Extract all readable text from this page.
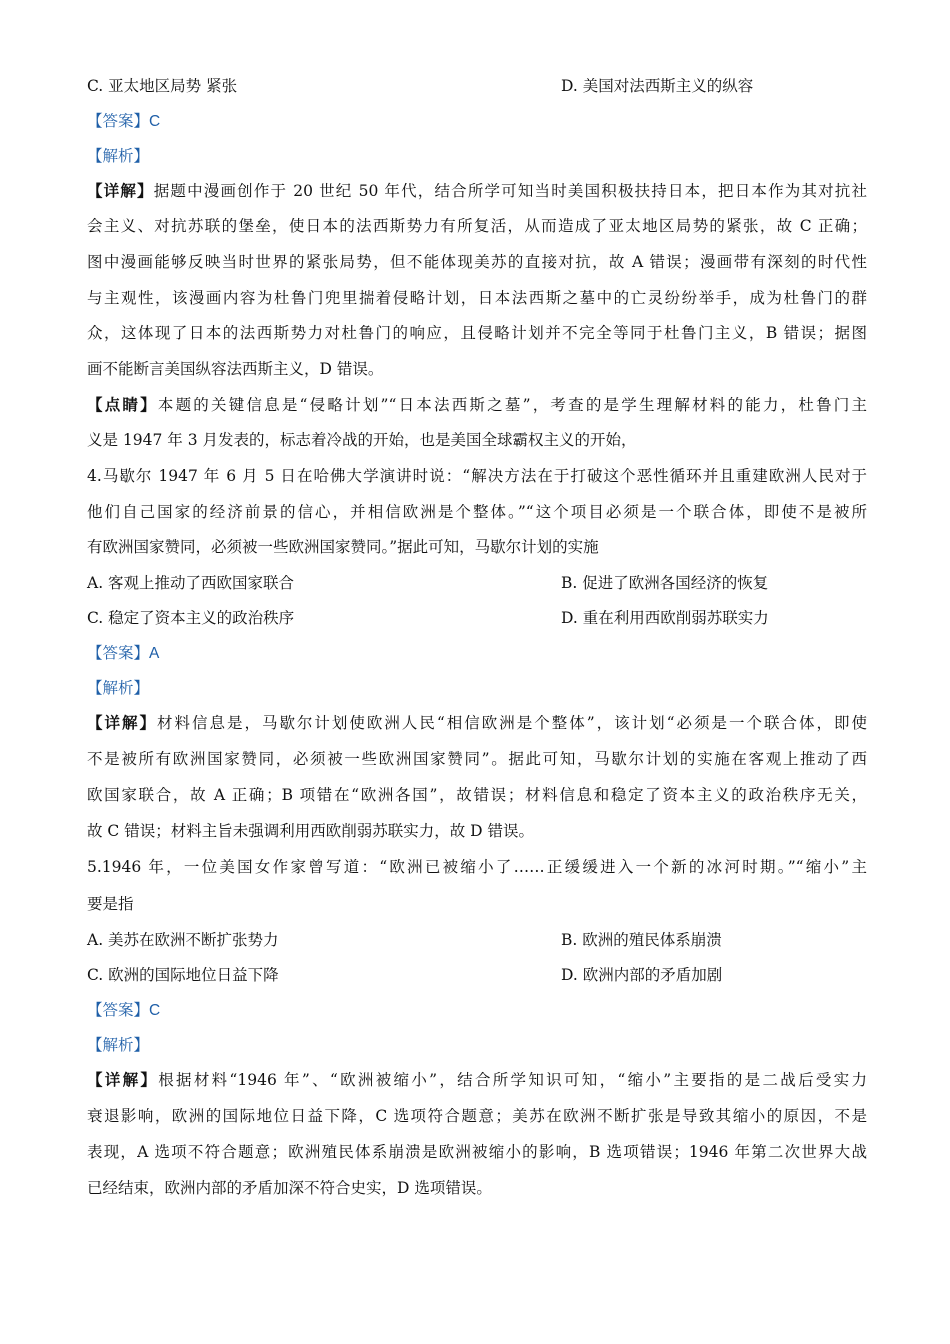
C. 亚太地区局势 紧张	D. 美国对法西斯主义的纵容
【答案】C
【解析】
【详解】据题中漫画创作于 20 世纪 50 年代，结合所学可知当时美国积极扶持日本，把日本作为其对抗社
会主义、对抗苏联的堡垒，使日本的法西斯势力有所复活，从而造成了亚太地区局势的紧张，故 C 正确；
图中漫画能够反映当时世界的紧张局势，但不能体现美苏的直接对抗，故 A 错误；漫画带有深刻的时代性
与主观性，该漫画内容为杜鲁门兜里揣着侵略计划，日本法西斯之墓中的亡灵纷纷举手，成为杜鲁门的群
众，这体现了日本的法西斯势力对杜鲁门的响应，且侵略计划并不完全等同于杜鲁门主义，B 错误；据图
画不能断言美国纵容法西斯主义，D 错误。
【点睛】本题的关键信息是“侵略计划”“日本法西斯之墓”，考查的是学生理解材料的能力，杜鲁门主
义是 1947 年 3 月发表的，标志着冷战的开始，也是美国全球霸权主义的开始，
4.马歇尔 1947 年 6 月 5 日在哈佛大学演讲时说：“解决方法在于打破这个恶性循环并且重建欧洲人民对于
他们自己国家的经济前景的信心，并相信欧洲是个整体。”“这个项目必须是一个联合体，即使不是被所
有欧洲国家赞同，必须被一些欧洲国家赞同。”据此可知，马歇尔计划的实施
A. 客观上推动了西欧国家联合	B. 促进了欧洲各国经济的恢复
C. 稳定了资本主义的政治秩序	D. 重在利用西欧削弱苏联实力
【答案】A
【解析】
【详解】材料信息是，马歇尔计划使欧洲人民“相信欧洲是个整体”，该计划“必须是一个联合体，即使
不是被所有欧洲国家赞同，必须被一些欧洲国家赞同”。据此可知，马歇尔计划的实施在客观上推动了西
欧国家联合，故 A 正确；B 项错在“欧洲各国”，故错误；材料信息和稳定了资本主义的政治秩序无关，
故 C 错误；材料主旨未强调利用西欧削弱苏联实力，故 D 错误。
5.1946 年，一位美国女作家曾写道：“欧洲已被缩小了……正缓缓进入一个新的冰河时期。”“缩小”主
要是指
A. 美苏在欧洲不断扩张势力	B. 欧洲的殖民体系崩溃
C. 欧洲的国际地位日益下降	D. 欧洲内部的矛盾加剧
【答案】C
【解析】
【详解】根据材料“1946 年”、“欧洲被缩小”，结合所学知识可知，“缩小”主要指的是二战后受实力
衰退影响，欧洲的国际地位日益下降，C 选项符合题意；美苏在欧洲不断扩张是导致其缩小的原因，不是
表现，A 选项不符合题意；欧洲殖民体系崩溃是欧洲被缩小的影响，B 选项错误；1946 年第二次世界大战
已经结束，欧洲内部的矛盾加深不符合史实，D 选项错误。
